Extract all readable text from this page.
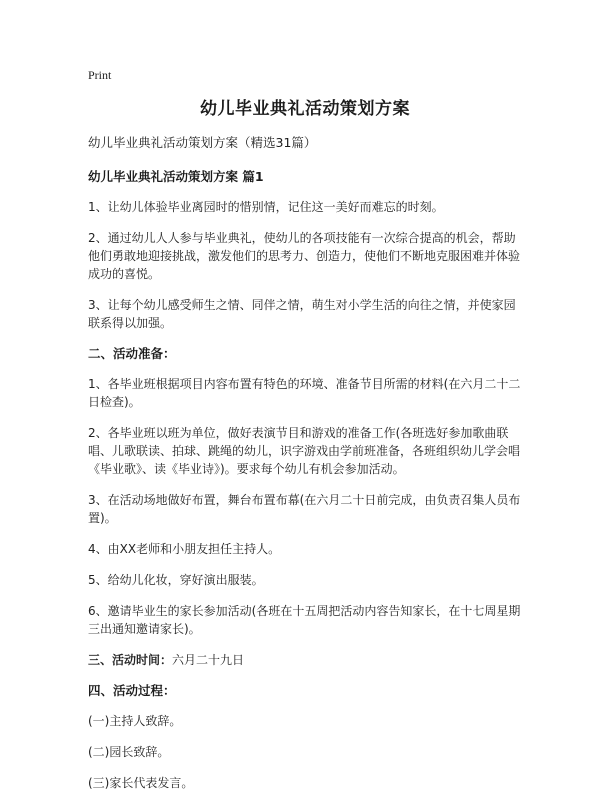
Print
幼儿毕业典礼活动策划方案
幼儿毕业典礼活动策划方案（精选31篇）
幼儿毕业典礼活动策划方案 篇1
1、让幼儿体验毕业离园时的惜别情，记住这一美好而难忘的时刻。
2、通过幼儿人人参与毕业典礼，使幼儿的各项技能有一次综合提高的机会，帮助他们勇敢地迎接挑战，激发他们的思考力、创造力，使他们不断地克服困难并体验成功的喜悦。
3、让每个幼儿感受师生之情、同伴之情，萌生对小学生活的向往之情，并使家园联系得以加强。
二、活动准备：
1、各毕业班根据项目内容布置有特色的环境、准备节目所需的材料(在六月二十二日检查)。
2、各毕业班以班为单位，做好表演节目和游戏的准备工作(各班选好参加歌曲联唱、儿歌联读、拍球、跳绳的幼儿，识字游戏由学前班准备，各班组织幼儿学会唱《毕业歌》、读《毕业诗》)。要求每个幼儿有机会参加活动。
3、在活动场地做好布置，舞台布置布幕(在六月二十日前完成，由负责召集人员布置)。
4、由XX老师和小朋友担任主持人。
5、给幼儿化妆，穿好演出服装。
6、邀请毕业生的家长参加活动(各班在十五周把活动内容告知家长，在十七周星期三出通知邀请家长)。
三、活动时间：六月二十九日
四、活动过程：
(一)主持人致辞。
(二)园长致辞。
(三)家长代表发言。
